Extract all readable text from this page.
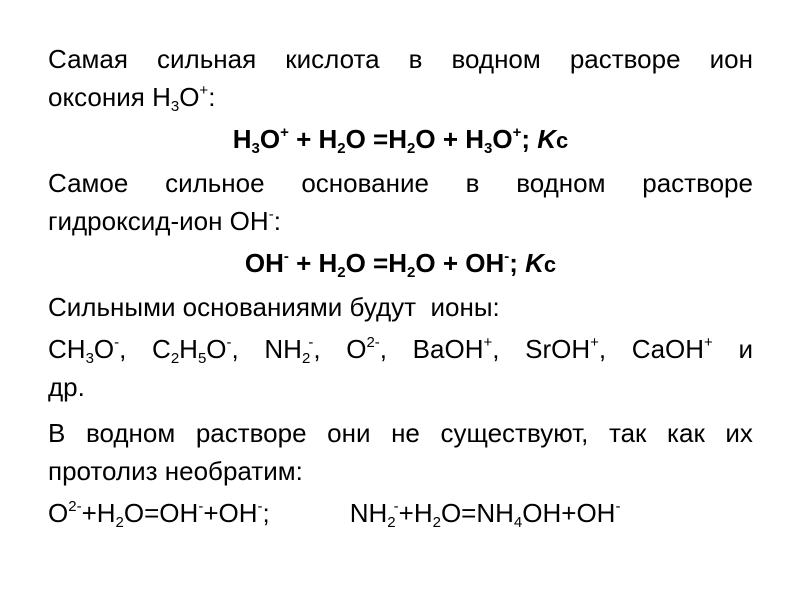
Самая сильная кислота в водном растворе ион

оксония $H_3O^+$:

$H_3O^+ + H_2O =H_2O + H_3O^+$; Kc

Самое сильное основание в водном растворе

гидроксид-ион OH-:

$OH^- + H_2O =H_2O + OH^-$; Kc

Сильными основаниями будут  ионы:

$CH_3O^-$, $C_2H_5O^-$, $NH_2^-$, $O^{2-}$, BaOH+, SrOH+, CaOH+ и

др.

В водном растворе они не существуют, так как их

протолиз необратим:

$O^{2-}+H_2O=OH^-+OH^-$;	$NH_2^-+H_2O=NH_4OH+OH^-$
